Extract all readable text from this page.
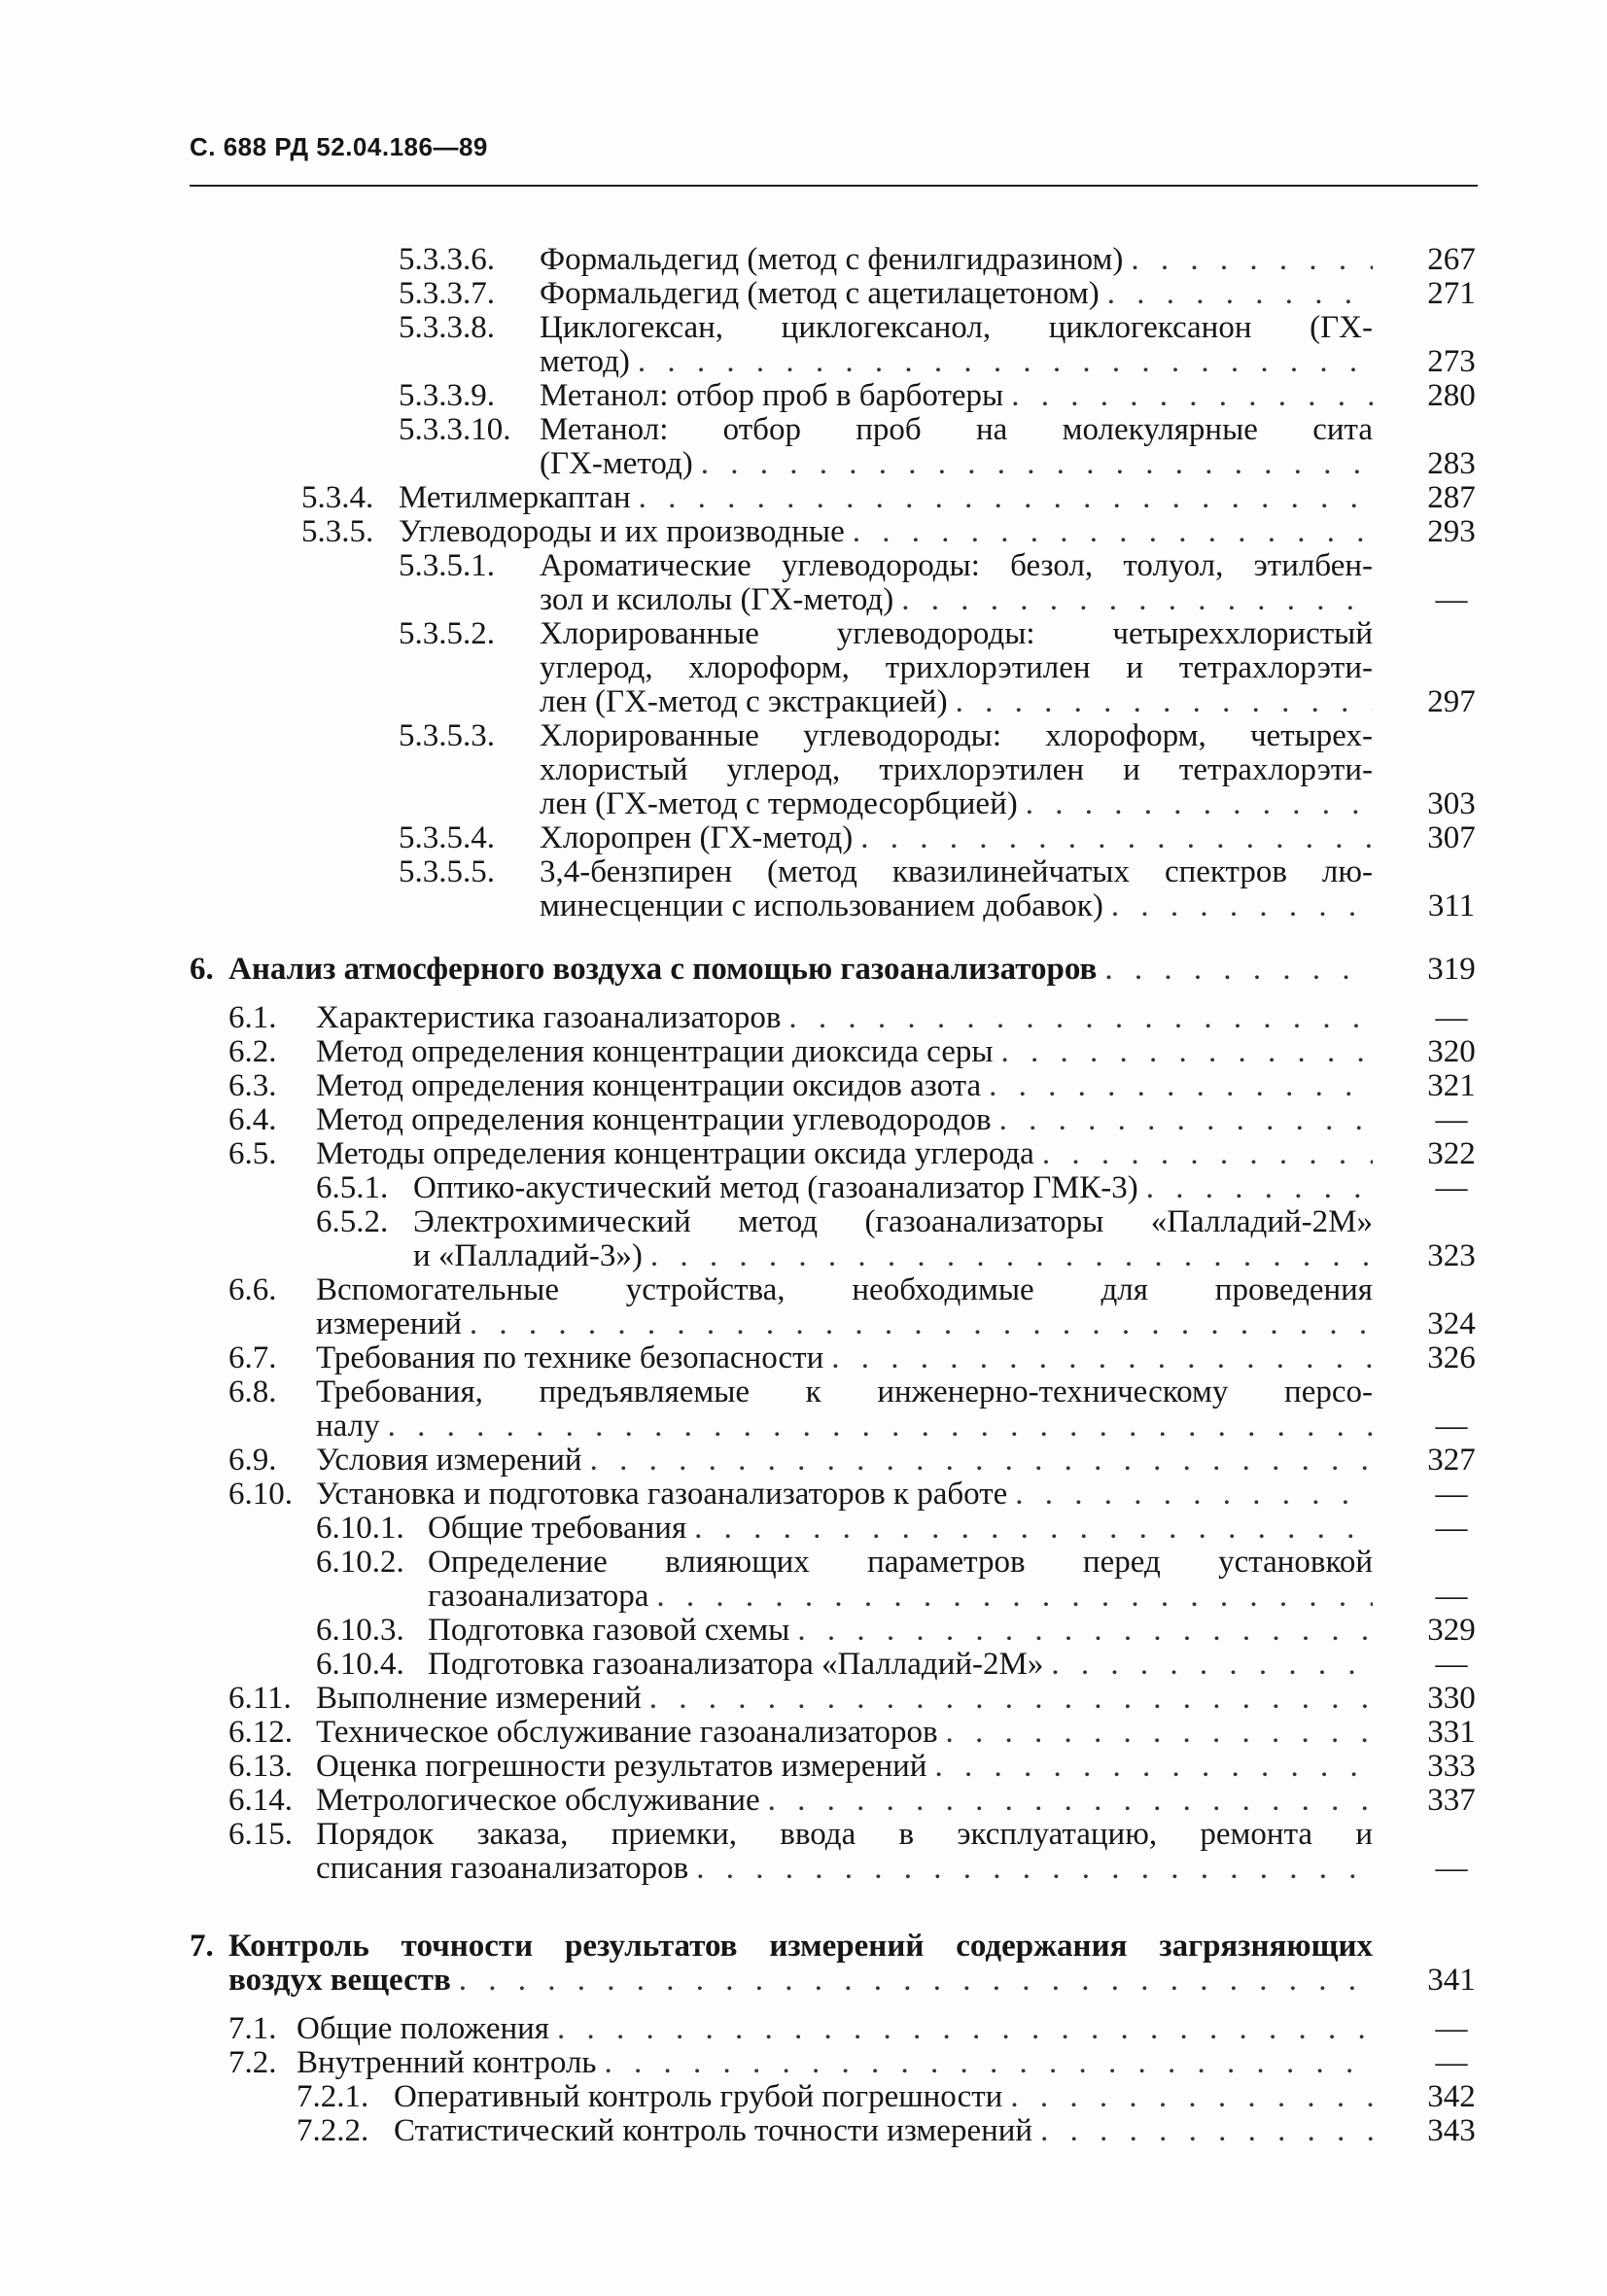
С. 688 РД 52.04.186—89
5.3.3.6. Формальдегид (метод с фенилгидразином) . . .	267
5.3.3.7. Формальдегид (метод с ацетилацетоном) . . .	271
5.3.3.8. Циклогексан, циклогексанол, циклогексанон (ГХ-
метод) . . .	273
5.3.3.9. Метанол: отбор проб в барботеры . . .	280
5.3.3.10. Метанол: отбор проб на молекулярные сита
(ГХ-метод) . . .	283
5.3.4. Метилмеркаптан . . .	287
5.3.5. Углеводороды и их производные . . .	293
5.3.5.1. Ароматические углеводороды: безол, толуол, этилбен-
зол и ксилолы (ГХ-метод) . . .	—
5.3.5.2. Хлорированные углеводороды: четыреххлористый
углерод, хлороформ, трихлорэтилен и тетрахлорэти-
лен (ГХ-метод с экстракцией) . . .	297
5.3.5.3. Хлорированные углеводороды: хлороформ, четырех-
хлористый углерод, трихлорэтилен и тетрахлорэти-
лен (ГХ-метод с термодесорбцией) . . .	303
5.3.5.4. Хлоропрен (ГХ-метод) . . .	307
5.3.5.5. 3,4-бензпирен (метод квазилинейчатых спектров лю-
минесценции с использованием добавок) . . .	311
6. Анализ атмосферного воздуха с помощью газоанализаторов . . .	319
6.1. Характеристика газоанализаторов . . .	—
6.2. Метод определения концентрации диоксида серы . . .	320
6.3. Метод определения концентрации оксидов азота . . .	321
6.4. Метод определения концентрации углеводородов . . .	—
6.5. Методы определения концентрации оксида углерода . . .	322
6.5.1. Оптико-акустический метод (газоанализатор ГМК-3) . . .	—
6.5.2. Электрохимический метод (газоанализаторы «Палладий-2М»
и «Палладий-3») . . .	323
6.6. Вспомогательные устройства, необходимые для проведения
измерений . . .	324
6.7. Требования по технике безопасности . . .	326
6.8. Требования, предъявляемые к инженерно-техническому персо-
налу . . .	—
6.9. Условия измерений . . .	327
6.10. Установка и подготовка газоанализаторов к работе . . .	—
6.10.1. Общие требования . . .	—
6.10.2. Определение влияющих параметров перед установкой
газоанализатора . . .	—
6.10.3. Подготовка газовой схемы . . .	329
6.10.4. Подготовка газоанализатора «Палладий-2М» . . .	—
6.11. Выполнение измерений . . .	330
6.12. Техническое обслуживание газоанализаторов . . .	331
6.13. Оценка погрешности результатов измерений . . .	333
6.14. Метрологическое обслуживание . . .	337
6.15. Порядок заказа, приемки, ввода в эксплуатацию, ремонта и
списания газоанализаторов . . .	—
7. Контроль точности результатов измерений содержания загрязняющих
воздух веществ . . .	341
7.1. Общие положения . . .	—
7.2. Внутренний контроль . . .	—
7.2.1. Оперативный контроль грубой погрешности . . .	342
7.2.2. Статистический контроль точности измерений . . .	343
